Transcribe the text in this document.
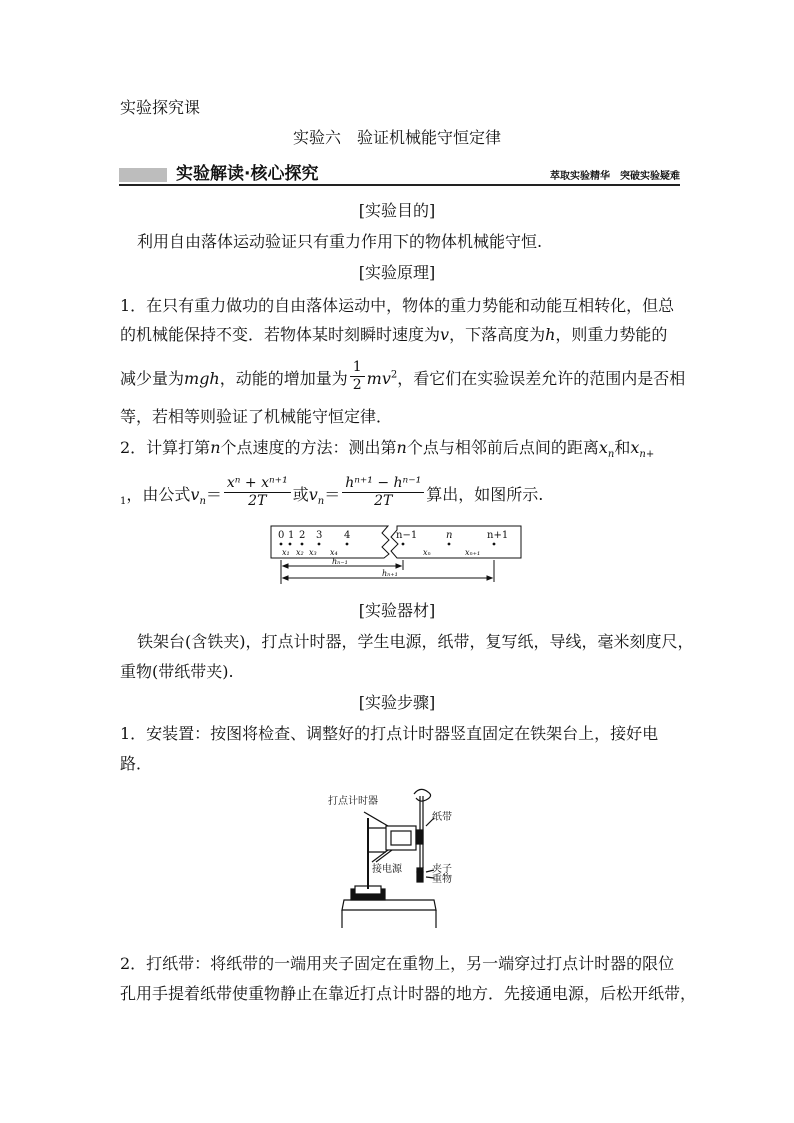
实验探究课
实验六　验证机械能守恒定律
实验解读·核心探究	萃取实验精华　突破实验疑难
[实验目的]
利用自由落体运动验证只有重力作用下的物体机械能守恒.
[实验原理]
1．在只有重力做功的自由落体运动中，物体的重力势能和动能互相转化，但总
的机械能保持不变．若物体某时刻瞬时速度为v，下落高度为h，则重力势能的
减少量为mgh，动能的增加量为 $\frac{1}{2} mv^2$，看它们在实验误差允许的范围内是否相
等，若相等则验证了机械能守恒定律．
2．计算打第n个点速度的方法：测出第n个点与相邻前后点间的距离$x_n$和$x_{n+}$
$_1$，由公式$v_n= \frac{\text{xⁿ + xⁿ⁺¹}}{2T}$ 或$v_n= \frac{\text{hⁿ⁺¹ − hⁿ⁻¹}}{2T}$ 算出，如图所示.
0 1 2 3 4	n−1	n	n+1
x₁ x₂ x₃ x₄	xₙ	xₙ₊₁
hₙ₋₁
hₙ₊₁
[实验器材]
铁架台(含铁夹)，打点计时器，学生电源，纸带，复写纸，导线，毫米刻度尺，
重物(带纸带夹).
[实验步骤]
1．安装置：按图将检查、调整好的打点计时器竖直固定在铁架台上，接好电
路．
打点计时器
纸带
接电源	夹子
重物
2．打纸带：将纸带的一端用夹子固定在重物上，另一端穿过打点计时器的限位
孔用手提着纸带使重物静止在靠近打点计时器的地方．先接通电源，后松开纸带，
